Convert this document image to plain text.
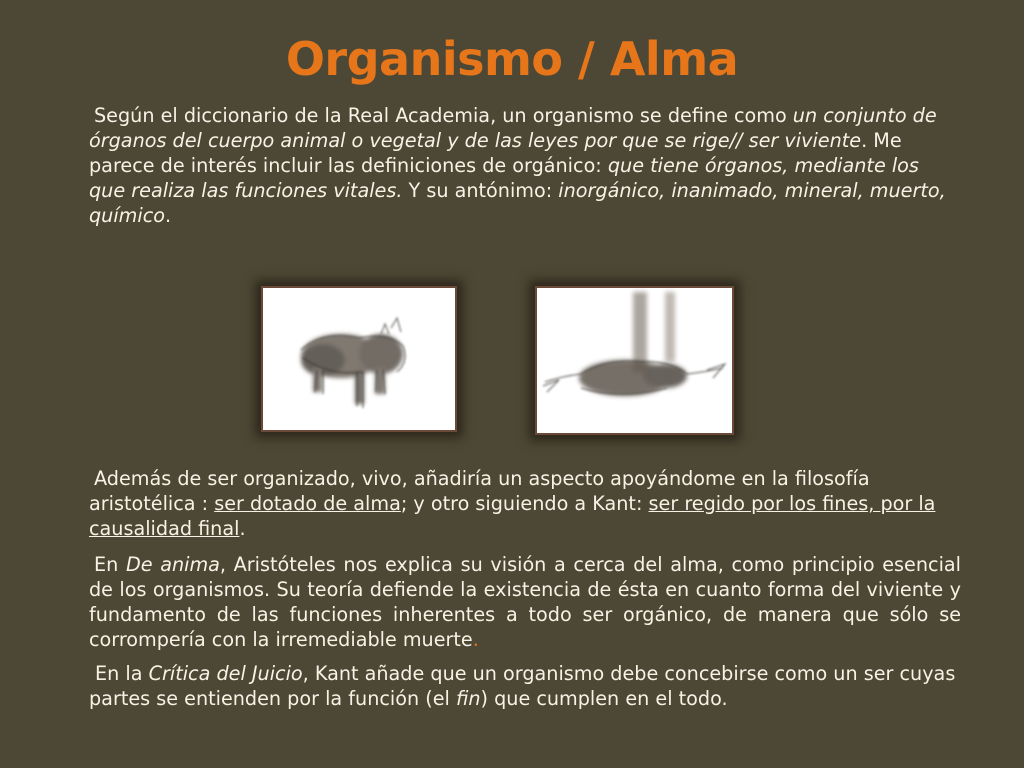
Organismo / Alma

Según el diccionario de la Real Academia, un organismo se define como un conjunto de órganos del cuerpo animal o vegetal y de las leyes por que se rige// ser viviente. Me parece de interés incluir las definiciones de orgánico: que tiene órganos, mediante los que realiza las funciones vitales. Y su antónimo: inorgánico, inanimado, mineral, muerto, químico.

Además de ser organizado, vivo, añadiría un aspecto apoyándome en la filosofía aristotélica : ser dotado de alma; y otro siguiendo a Kant: ser regido por los fines, por la causalidad final.

En De anima, Aristóteles nos explica su visión a cerca del alma, como principio esencial de los organismos. Su teoría defiende la existencia de ésta en cuanto forma del viviente y fundamento de las funciones inherentes a todo ser orgánico, de manera que sólo se corrompería con la irremediable muerte.

En la Crítica del Juicio, Kant añade que un organismo debe concebirse como un ser cuyas partes se entienden por la función (el fin) que cumplen en el todo.
